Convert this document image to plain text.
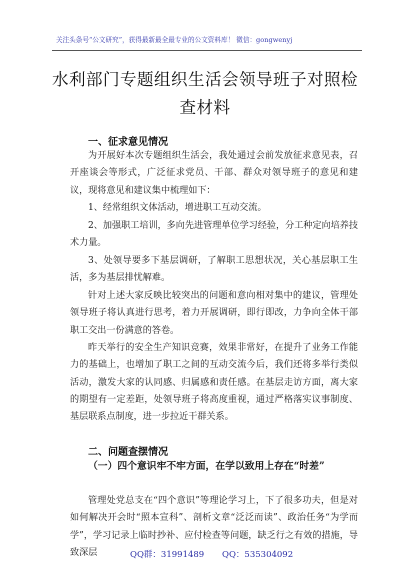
关注头条号“公文研究”，获得最新最全最专业的公文资料库！ 微信：gongwenyj
水利部门专题组织生活会领导班子对照检
查材料
一、征求意见情况

为开展好本次专题组织生活会，我处通过会前发放征求意见表，召开座谈会等形式，广泛征求党员、干部、群众对领导班子的意见和建议，现将意见和建议集中梳理如下：

1、经常组织文体活动，增进职工互动交流。

2、加强职工培训，多向先进管理单位学习经验，分工种定向培养技术力量。

3、处领导要多下基层调研，了解职工思想状况，关心基层职工生活，多为基层排忧解难。

针对上述大家反映比较突出的问题和意向相对集中的建议，管理处领导班子将认真进行思考，着力开展调研，即行即改，力争向全体干部职工交出一份满意的答卷。

昨天举行的安全生产知识竞赛，效果非常好，在提升了业务工作能力的基础上，也增加了职工之间的互动交流今后，我们还将多举行类似活动，激发大家的认同感、归属感和责任感。在基层走访方面，离大家的期望有一定差距，处领导班子将高度重视，通过严格落实议事制度、基层联系点制度，进一步拉近干群关系。

二、问题查摆情况

（一）四个意识牢不牢方面，在学以致用上存在“时差”

管理处党总支在“四个意识”等理论学习上，下了很多功夫，但是对如何解决开会时“照本宣科”、剖析文章“泛泛而读”、政治任务“为学而学”，学习记录上临时抄补、应付检查等问题，缺乏行之有效的措施，导致深层	QQ群：31991489 QQ：535304092
